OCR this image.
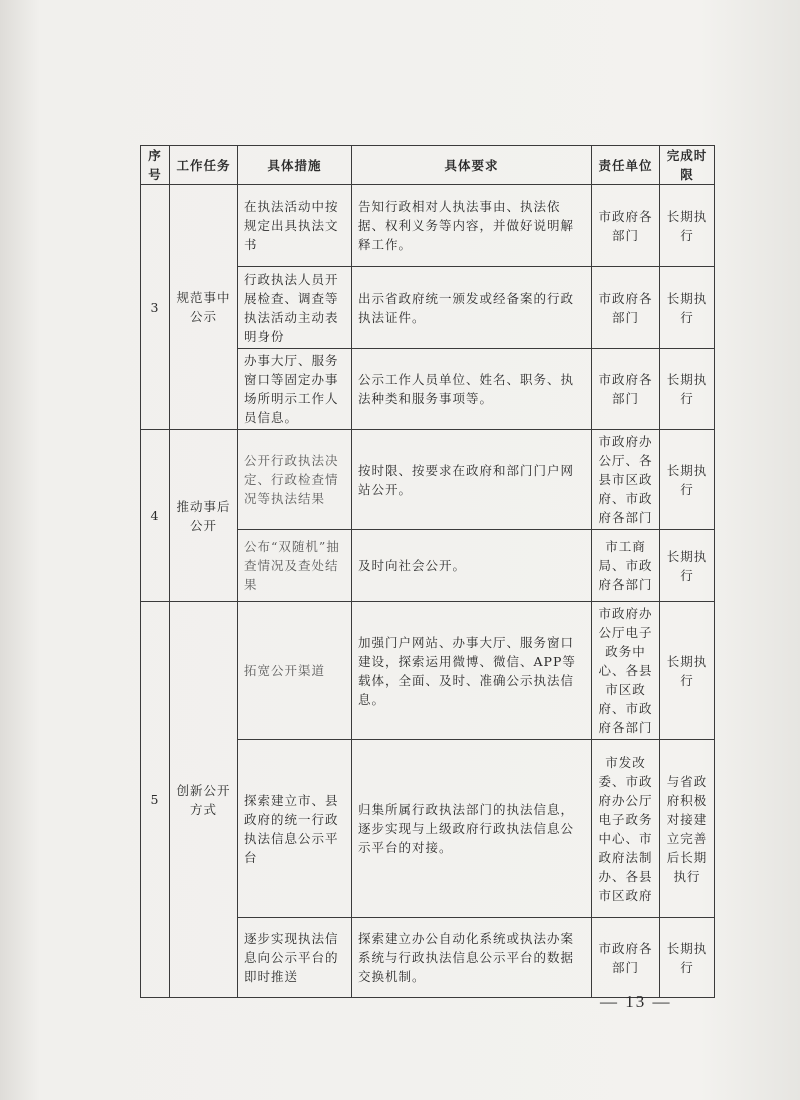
序号	工作任务	具体措施	具体要求	责任单位	完成时限
3	规范事中公示	在执法活动中按规定出具执法文书	告知行政相对人执法事由、执法依据、权利义务等内容，并做好说明解释工作。	市政府各部门	长期执行
		行政执法人员开展检查、调查等执法活动主动表明身份	出示省政府统一颁发或经备案的行政执法证件。	市政府各部门	长期执行
		办事大厅、服务窗口等固定办事场所明示工作人员信息。	公示工作人员单位、姓名、职务、执法种类和服务事项等。	市政府各部门	长期执行
4	推动事后公开	公开行政执法决定、行政检查情况等执法结果	按时限、按要求在政府和部门门户网站公开。	市政府办公厅、各县市区政府、市政府各部门	长期执行
		公布“双随机”抽查情况及查处结果	及时向社会公开。	市工商局、市政府各部门	长期执行
5	创新公开方式	拓宽公开渠道	加强门户网站、办事大厅、服务窗口建设，探索运用微博、微信、APP等载体，全面、及时、准确公示执法信息。	市政府办公厅电子政务中心、各县市区政府、市政府各部门	长期执行
		探索建立市、县政府的统一行政执法信息公示平台	归集所属行政执法部门的执法信息，逐步实现与上级政府行政执法信息公示平台的对接。	市发改委、市政府办公厅电子政务中心、市政府法制办、各县市区政府	与省政府积极对接建立完善后长期执行
		逐步实现执法信息向公示平台的即时推送	探索建立办公自动化系统或执法办案系统与行政执法信息公示平台的数据交换机制。	市政府各部门	长期执行
— 13 —
